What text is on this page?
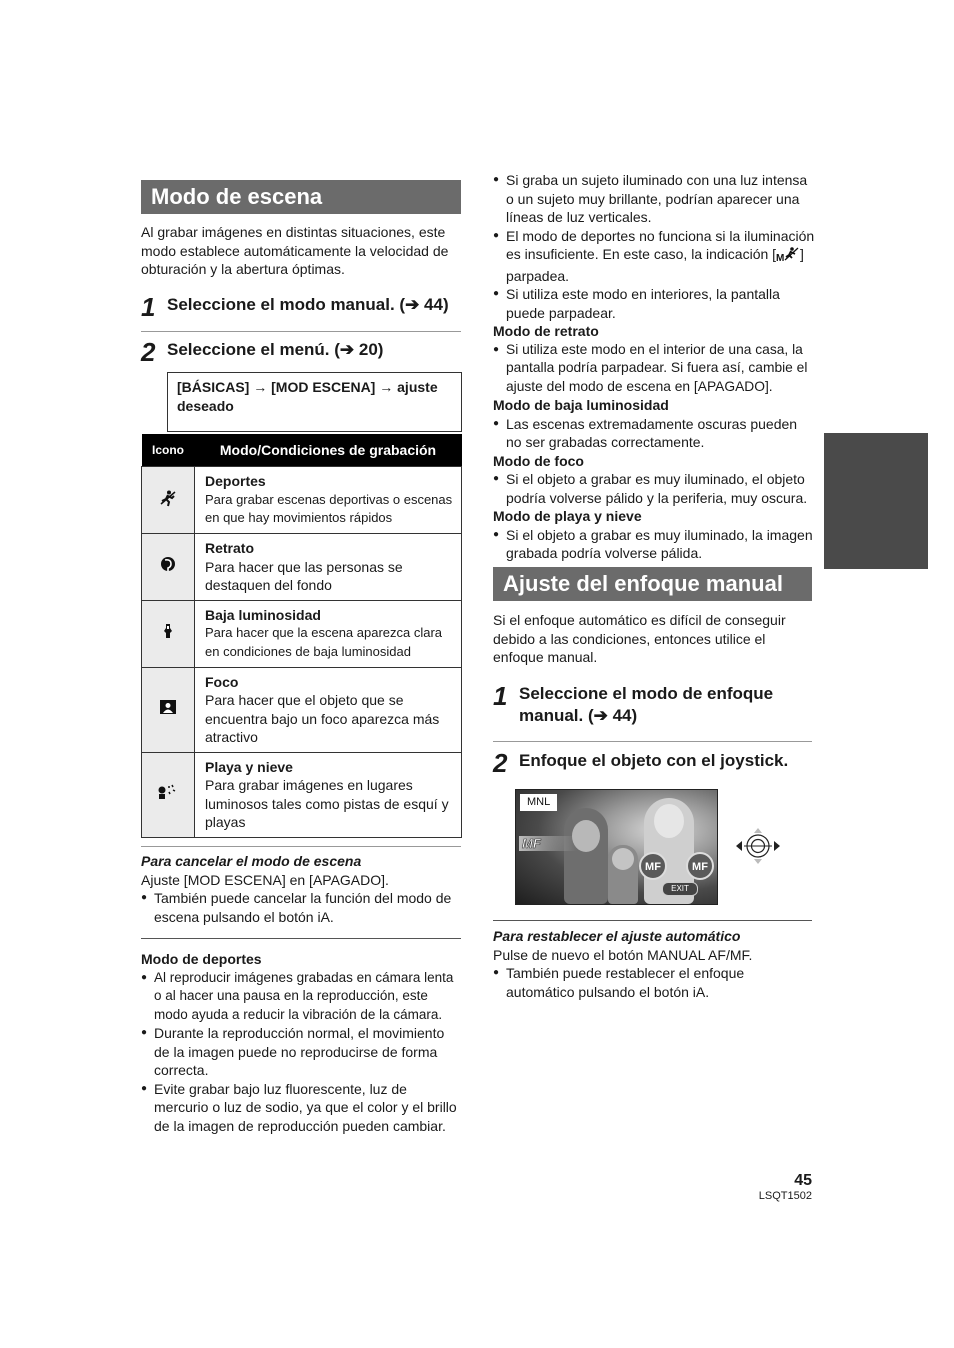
Modo de escena
Al grabar imágenes en distintas situaciones, este modo establece automáticamente la velocidad de obturación y la abertura óptimas.
1 Seleccione el modo manual. (➔ 44)
2 Seleccione el menú. (➔ 20)
[BÁSICAS] → [MOD ESCENA] → ajuste deseado
Icono	Modo/Condiciones de grabación

Deportes
Para grabar escenas deportivas o escenas en que hay movimientos rápidos

Retrato
Para hacer que las personas se destaquen del fondo

Baja luminosidad
Para hacer que la escena aparezca clara en condiciones de baja luminosidad

Foco
Para hacer que el objeto que se encuentra bajo un foco aparezca más atractivo

Playa y nieve
Para grabar imágenes en lugares luminosos tales como pistas de esquí y playas
Para cancelar el modo de escena
Ajuste [MOD ESCENA] en [APAGADO].
● También puede cancelar la función del modo de escena pulsando el botón iA.
Modo de deportes
● Al reproducir imágenes grabadas en cámara lenta o al hacer una pausa en la reproducción, este modo ayuda a reducir la vibración de la cámara.
● Durante la reproducción normal, el movimiento de la imagen puede no reproducirse de forma correcta.
● Evite grabar bajo luz fluorescente, luz de mercurio o luz de sodio, ya que el color y el brillo de la imagen de reproducción pueden cambiar.
● Si graba un sujeto iluminado con una luz intensa o un sujeto muy brillante, podrían aparecer una líneas de luz verticales.
● El modo de deportes no funciona si la iluminación es insuficiente. En este caso, la indicación [ M ] parpadea.
● Si utiliza este modo en interiores, la pantalla puede parpadear.
Modo de retrato
● Si utiliza este modo en el interior de una casa, la pantalla podría parpadear. Si fuera así, cambie el ajuste del modo de escena en [APAGADO].
Modo de baja luminosidad
● Las escenas extremadamente oscuras pueden no ser grabadas correctamente.
Modo de foco
● Si el objeto a grabar es muy iluminado, el objeto podría volverse pálido y la periferia, muy oscura.
Modo de playa y nieve
● Si el objeto a grabar es muy iluminado, la imagen grabada podría volverse pálida.
Ajuste del enfoque manual
Si el enfoque automático es difícil de conseguir debido a las condiciones, entonces utilice el enfoque manual.
1 Seleccione el modo de enfoque manual. (➔ 44)
2 Enfoque el objeto con el joystick.
MNL
MF
MF	MF
EXIT
Para restablecer el ajuste automático
Pulse de nuevo el botón MANUAL AF/MF.
● También puede restablecer el enfoque automático pulsando el botón iA.
45
LSQT1502
